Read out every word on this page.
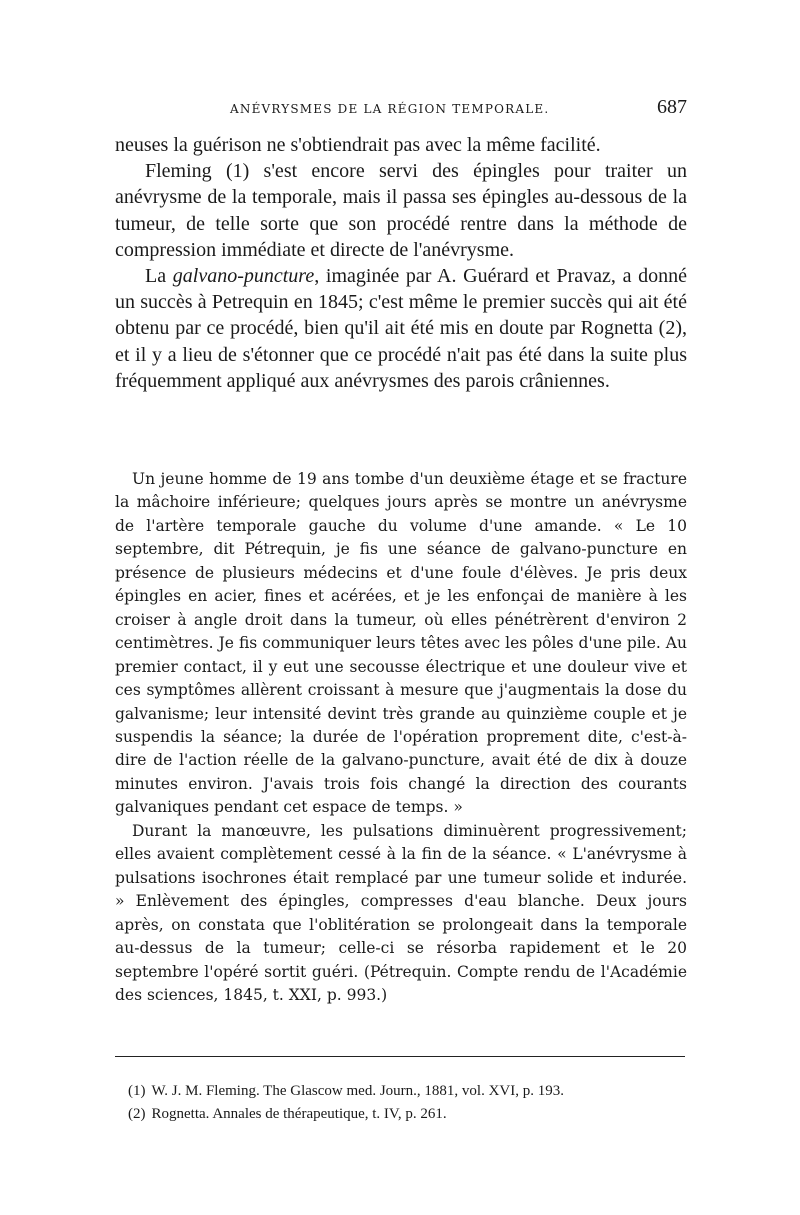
ANÉVRYSMES DE LA RÉGION TEMPORALE.	687

neuses la guérison ne s'obtiendrait pas avec la même facilité.

Fleming (1) s'est encore servi des épingles pour traiter un anévrysme de la temporale, mais il passa ses épingles au-dessous de la tumeur, de telle sorte que son procédé rentre dans la méthode de compression immédiate et directe de l'anévrysme.

La galvano-puncture, imaginée par A. Guérard et Pravaz, a donné un succès à Petrequin en 1845; c'est même le premier succès qui ait été obtenu par ce procédé, bien qu'il ait été mis en doute par Rognetta (2), et il y a lieu de s'étonner que ce procédé n'ait pas été dans la suite plus fréquemment appliqué aux anévrysmes des parois crâniennes.

Un jeune homme de 19 ans tombe d'un deuxième étage et se fracture la mâchoire inférieure; quelques jours après se montre un anévrysme de l'artère temporale gauche du volume d'une amande. « Le 10 septembre, dit Pétrequin, je fis une séance de galvano-puncture en présence de plusieurs médecins et d'une foule d'élèves. Je pris deux épingles en acier, fines et acérées, et je les enfonçai de manière à les croiser à angle droit dans la tumeur, où elles pénétrèrent d'environ 2 centimètres. Je fis communiquer leurs têtes avec les pôles d'une pile. Au premier contact, il y eut une secousse électrique et une douleur vive et ces symptômes allèrent croissant à mesure que j'augmentais la dose du galvanisme; leur intensité devint très grande au quinzième couple et je suspendis la séance; la durée de l'opération proprement dite, c'est-à-dire de l'action réelle de la galvano-puncture, avait été de dix à douze minutes environ. J'avais trois fois changé la direction des courants galvaniques pendant cet espace de temps. »

Durant la manœuvre, les pulsations diminuèrent progressivement; elles avaient complètement cessé à la fin de la séance. « L'anévrysme à pulsations isochrones était remplacé par une tumeur solide et indurée. » Enlèvement des épingles, compresses d'eau blanche. Deux jours après, on constata que l'oblitération se prolongeait dans la temporale au-dessus de la tumeur; celle-ci se résorba rapidement et le 20 septembre l'opéré sortit guéri. (Pétrequin. Compte rendu de l'Académie des sciences, 1845, t. XXI, p. 993.)

(1) W. J. M. Fleming. The Glascow med. Journ., 1881, vol. XVI, p. 193.

(2) Rognetta. Annales de thérapeutique, t. IV, p. 261.
